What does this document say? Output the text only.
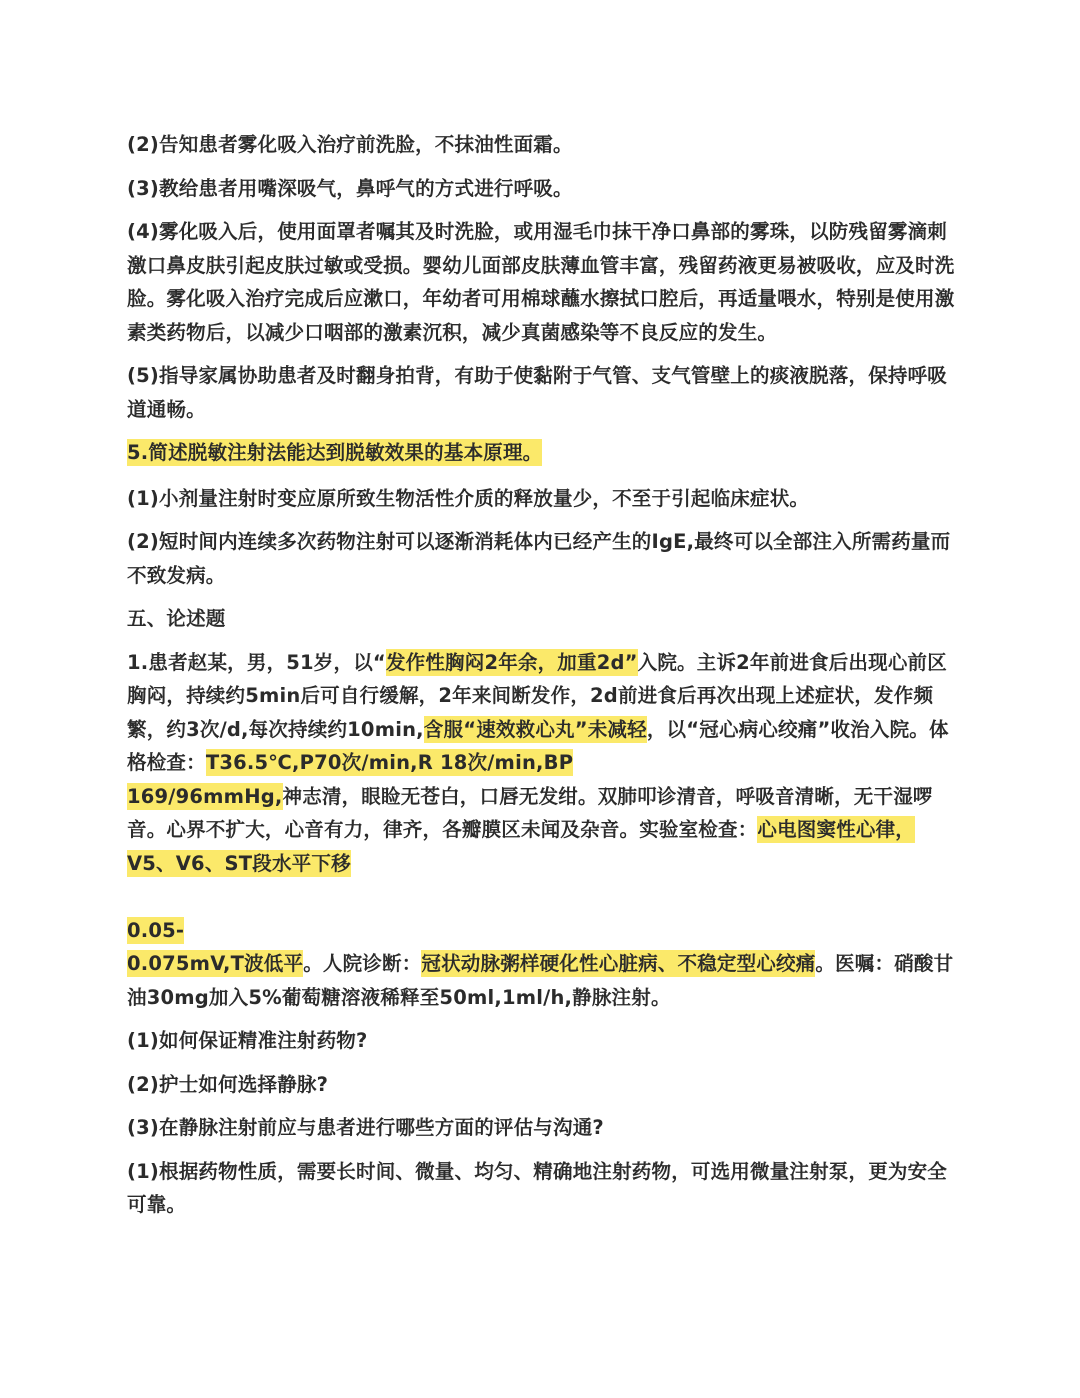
(2)告知患者雾化吸入治疗前洗脸，不抹油性面霜。

(3)教给患者用嘴深吸气，鼻呼气的方式进行呼吸。

(4)雾化吸入后，使用面罩者嘱其及时洗脸，或用湿毛巾抹干净口鼻部的雾珠，以防残留雾滴刺激口鼻皮肤引起皮肤过敏或受损。婴幼儿面部皮肤薄血管丰富，残留药液更易被吸收，应及时洗脸。雾化吸入治疗完成后应漱口，年幼者可用棉球蘸水擦拭口腔后，再适量喂水，特别是使用激素类药物后，以减少口咽部的激素沉积，减少真菌感染等不良反应的发生。

(5)指导家属协助患者及时翻身拍背，有助于使黏附于气管、支气管壁上的痰液脱落，保持呼吸道通畅。

5.简述脱敏注射法能达到脱敏效果的基本原理。

(1)小剂量注射时变应原所致生物活性介质的释放量少，不至于引起临床症状。

(2)短时间内连续多次药物注射可以逐渐消耗体内已经产生的IgE,最终可以全部注入所需药量而不致发病。

五、论述题

1.患者赵某，男，51岁，以“发作性胸闷2年余，加重2d”入院。主诉2年前进食后出现心前区胸闷，持续约5min后可自行缓解，2年来间断发作，2d前进食后再次出现上述症状，发作频繁，约3次/d,每次持续约10min,含服“速效救心丸”未减轻，以“冠心病心绞痛”收治入院。体格检查：T36.5℃,P70次/min,R 18次/min,BP
169/96mmHg,神志清，眼睑无苍白，口唇无发绀。双肺叩诊清音，呼吸音清晰，无干湿啰音。心界不扩大，心音有力，律齐，各瓣膜区未闻及杂音。实验室检查：心电图窦性心律，V5、V6、ST段水平下移

0.05-
0.075mV,T波低平。人院诊断：冠状动脉粥样硬化性心脏病、不稳定型心绞痛。医嘱：硝酸甘油30mg加入5%葡萄糖溶液稀释至50ml,1ml/h,静脉注射。

(1)如何保证精准注射药物?

(2)护士如何选择静脉?

(3)在静脉注射前应与患者进行哪些方面的评估与沟通?

(1)根据药物性质，需要长时间、微量、均匀、精确地注射药物，可选用微量注射泵，更为安全可靠。
